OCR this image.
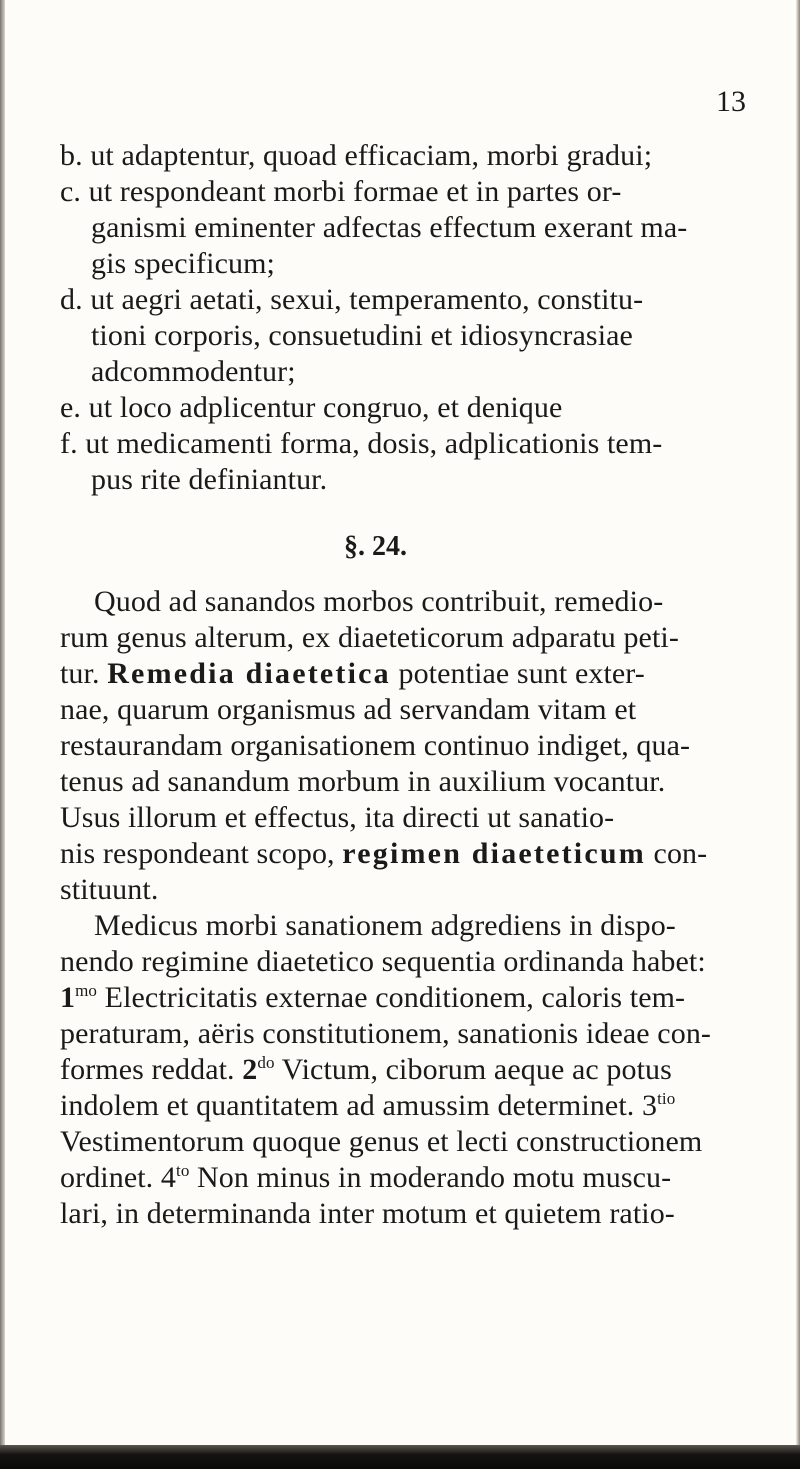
13
b. ut adaptentur, quoad efficaciam, morbi gradui;
c. ut respondeant morbi formae et in partes or-
ganismi eminenter adfectas effectum exerant ma-
gis specificum;
d. ut aegri aetati, sexui, temperamento, constitu-
tioni corporis, consuetudini et idiosyncrasiae
adcommodentur;
e. ut loco adplicentur congruo, et denique
f. ut medicamenti forma, dosis, adplicationis tem-
pus rite definiantur.
§. 24.
Quod ad sanandos morbos contribuit, remedio-
rum genus alterum, ex diaeteticorum adparatu peti-
tur. Remedia diaetetica potentiae sunt exter-
nae, quarum organismus ad servandam vitam et
restaurandam organisationem continuo indiget, qua-
tenus ad sanandum morbum in auxilium vocantur.
Usus illorum et effectus, ita directi ut sanatio-
nis respondeant scopo, regimen diaeteticum con-
stituunt.
Medicus morbi sanationem adgrediens in dispo-
nendo regimine diaetetico sequentia ordinanda habet:
$1^{mo}$ Electricitatis externae conditionem, caloris tem-
peraturam, aëris constitutionem, sanationis ideae con-
formes reddat. $2^{do}$ Victum, ciborum aeque ac potus
indolem et quantitatem ad amussim determinet. $3^{tio}$
Vestimentorum quoque genus et lecti constructionem
ordinet. $4^{to}$ Non minus in moderando motu muscu-
lari, in determinanda inter motum et quietem ratio-
